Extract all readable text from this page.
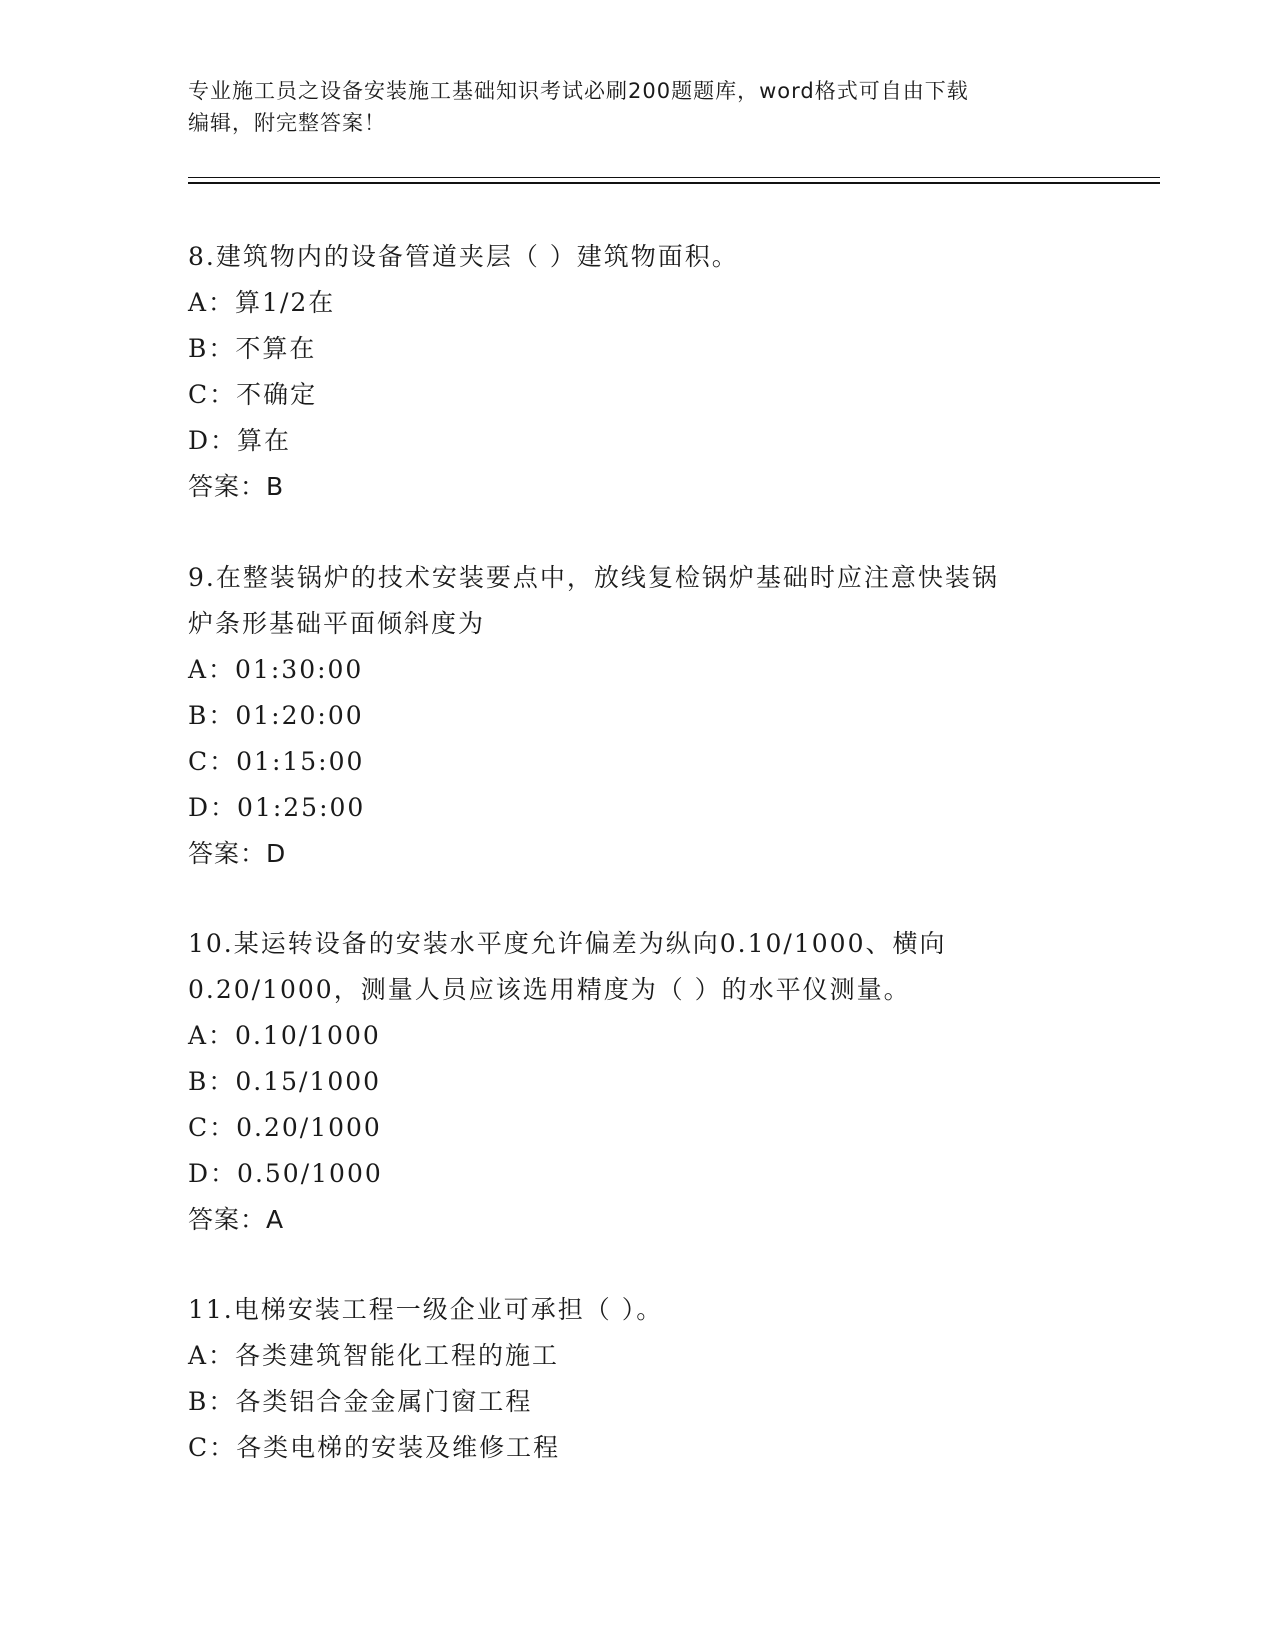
专业施工员之设备安装施工基础知识考试必刷200题题库，word格式可自由下载
编辑，附完整答案！

8.建筑物内的设备管道夹层（ ）建筑物面积。

A：算1/2在

B：不算在

C：不确定

D：算在

答案：B

9.在整装锅炉的技术安装要点中，放线复检锅炉基础时应注意快装锅

炉条形基础平面倾斜度为

A：01:30:00

B：01:20:00

C：01:15:00

D：01:25:00

答案：D

10.某运转设备的安装水平度允许偏差为纵向0.10/1000、横向

0.20/1000，测量人员应该选用精度为（ ）的水平仪测量。

A：0.10/1000

B：0.15/1000

C：0.20/1000

D：0.50/1000

答案：A

11.电梯安装工程一级企业可承担（ ）。

A：各类建筑智能化工程的施工

B：各类铝合金金属门窗工程

C：各类电梯的安装及维修工程
